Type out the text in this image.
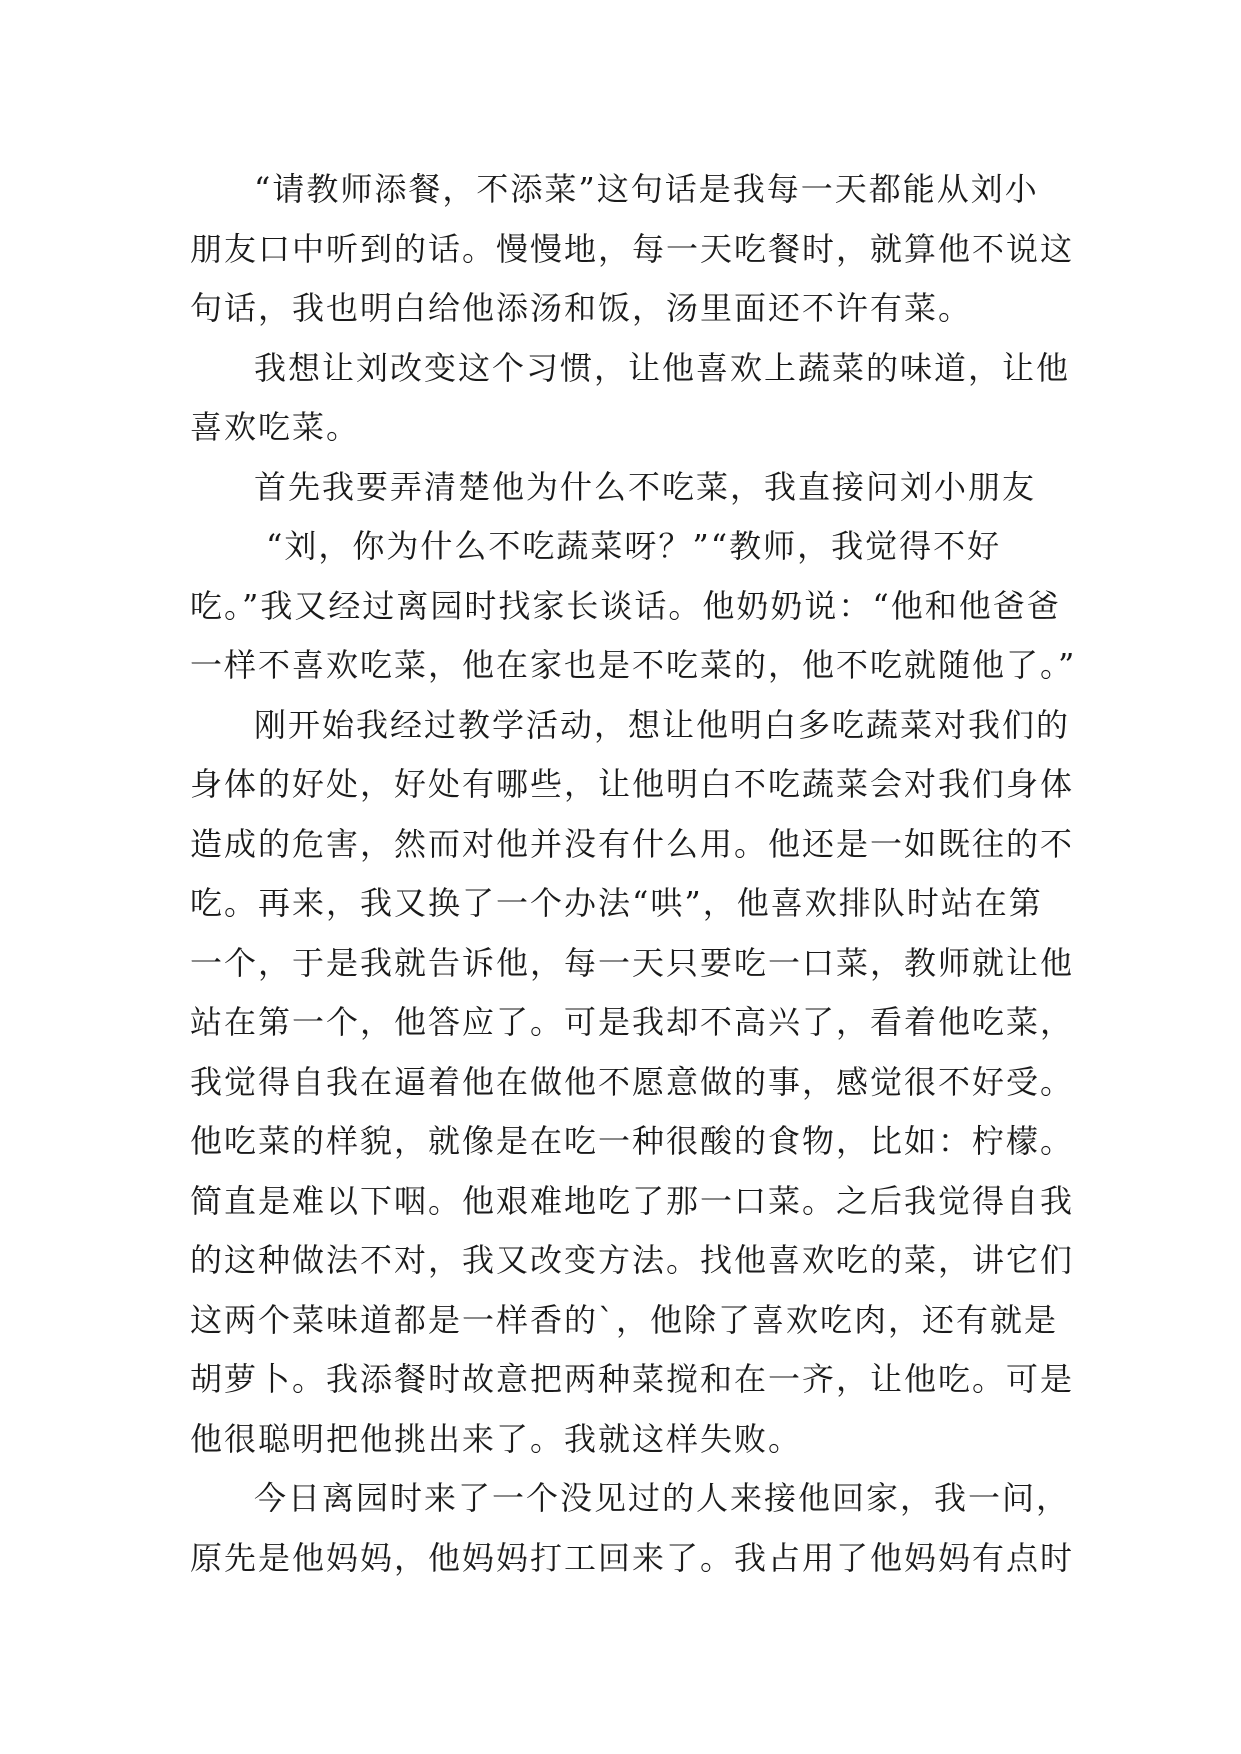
“请教师添餐，不添菜”这句话是我每一天都能从刘小
朋友口中听到的话。慢慢地，每一天吃餐时，就算他不说这
句话，我也明白给他添汤和饭，汤里面还不许有菜。
我想让刘改变这个习惯，让他喜欢上蔬菜的味道，让他
喜欢吃菜。
首先我要弄清楚他为什么不吃菜，我直接问刘小朋友
“刘，你为什么不吃蔬菜呀？”“教师，我觉得不好
吃。”我又经过离园时找家长谈话。他奶奶说：“他和他爸爸
一样不喜欢吃菜，他在家也是不吃菜的，他不吃就随他了。”
刚开始我经过教学活动，想让他明白多吃蔬菜对我们的
身体的好处，好处有哪些，让他明白不吃蔬菜会对我们身体
造成的危害，然而对他并没有什么用。他还是一如既往的不
吃。再来，我又换了一个办法“哄”，他喜欢排队时站在第
一个，于是我就告诉他，每一天只要吃一口菜，教师就让他
站在第一个，他答应了。可是我却不高兴了，看着他吃菜，
我觉得自我在逼着他在做他不愿意做的事，感觉很不好受。
他吃菜的样貌，就像是在吃一种很酸的食物，比如：柠檬。
简直是难以下咽。他艰难地吃了那一口菜。之后我觉得自我
的这种做法不对，我又改变方法。找他喜欢吃的菜，讲它们
这两个菜味道都是一样香的`，他除了喜欢吃肉，还有就是
胡萝卜。我添餐时故意把两种菜搅和在一齐，让他吃。可是
他很聪明把他挑出来了。我就这样失败。
今日离园时来了一个没见过的人来接他回家，我一问，
原先是他妈妈，他妈妈打工回来了。我占用了他妈妈有点时
